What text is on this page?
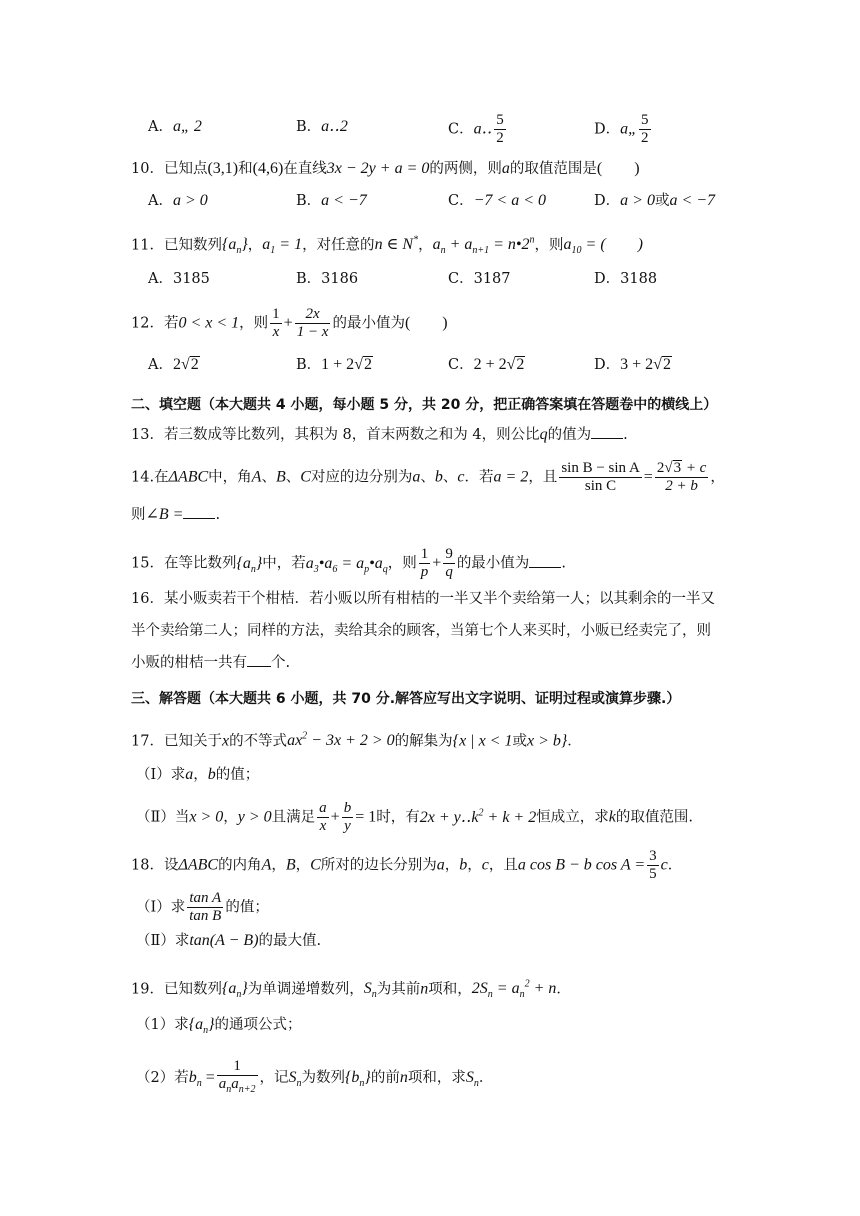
A．a„ 2	B．a‥2	C．a‥ $\frac{5}{2}$	D．a„ $\frac{5}{2}$
10．已知点(3,1)和(4,6)在直线3x − 2y + a = 0的两侧，则a的取值范围是(　　)
A．a > 0	B．a < −7	C．−7 < a < 0	D．a > 0或a < −7
11．已知数列$\{a_n\}$，$a_1 = 1$，对任意的n ∈ N*，$a_n + a_{n+1}$ = $n•2^n$，则$a_{10}$ = (　　)
A．3185	B．3186	C．3187	D．3188
12．若0 < x < 1，则 $\frac{1}{x} + \frac{2x}{1 - x}$ 的最小值为(　　)
A．2√2	B．1 + 2√2	C．2 + 2√2	D．3 + 2√2
二、填空题（本大题共 4 小题，每小题 5 分，共 20 分，把正确答案填在答题卷中的横线上）
13．若三数成等比数列，其积为 8，首末两数之和为 4，则公比q的值为 .
14.在ΔABC中，角A、B、C对应的边分别为a、b、c．若a = 2，且 $\frac{\text{sin B − sin A}}{\text{sin C}} = \frac{2√3 + c}{2 + b}$ ，
则∠B = .
15．在等比数列$\{a_n\}$中，若$a_3•a_6$ = $a_p•a_q$，则 $\frac{1}{p} + \frac{9}{q}$ 的最小值为 .
16．某小贩卖若干个柑桔．若小贩以所有柑桔的一半又半个卖给第一人；以其剩余的一半又
半个卖给第二人；同样的方法，卖给其余的顾客，当第七个人来买时，小贩已经卖完了，则
小贩的柑桔一共有 个.
三、解答题（本大题共 6 小题，共 70 分.解答应写出文字说明、证明过程或演算步骤.）
17．已知关于x的不等式$ax^2 - 3x + 2 > 0$的解集为{x | x < 1或x > b}．
（Ⅰ）求a，b的值；
（Ⅱ）当x > 0，y > 0且满足 $\frac{a}{x} + \frac{b}{y} = 1$时，有$2x + y‥k^2 + k + 2$恒成立，求k的取值范围.
18．设ΔABC的内角A，B，C所对的边长分别为a，b，c，且a cos B − b $\cos A = \frac{3}{5}$ c．
（Ⅰ）求 $\frac{\text{tan A}}{\text{tan B}}$ 的值；
（Ⅱ）求tan(A − B)的最大值.
19．已知数列$\{a_n\}$为单调递增数列，$S_n$为其前n项和，$2S_n = a_n^2 + n$．
（1）求$\{a_n\}$的通项公式；
（2）若$b_n = \frac{1}{a_na_{n+2}}$ ，记$S_n$为数列$\{b_n\}$的前n项和，求$S_n$．
